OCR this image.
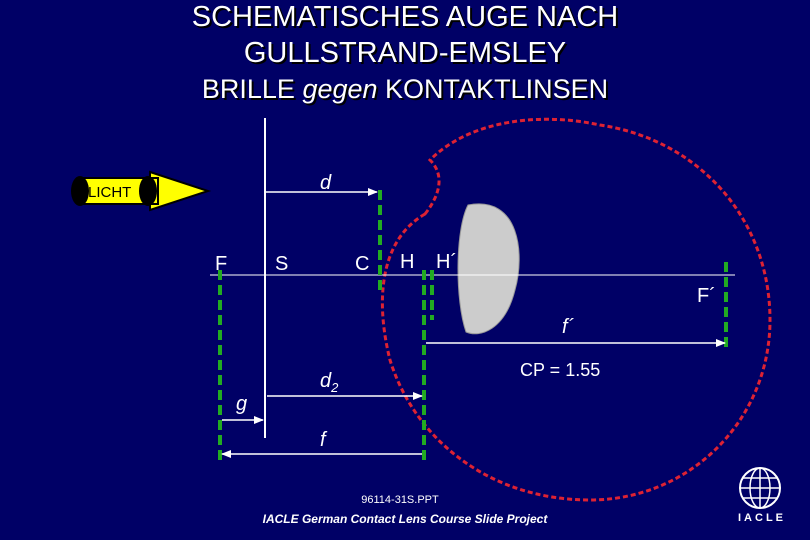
SCHEMATISCHES AUGE NACH
GULLSTRAND-EMSLEY
BRILLE gegen KONTAKTLINSEN
LICHT	d
F S	C H H´
F´
f´
CP = 1.55
$d_2$
g
f
96114-31S.PPT
IACLE German Contact Lens Course Slide Project	IACLE
